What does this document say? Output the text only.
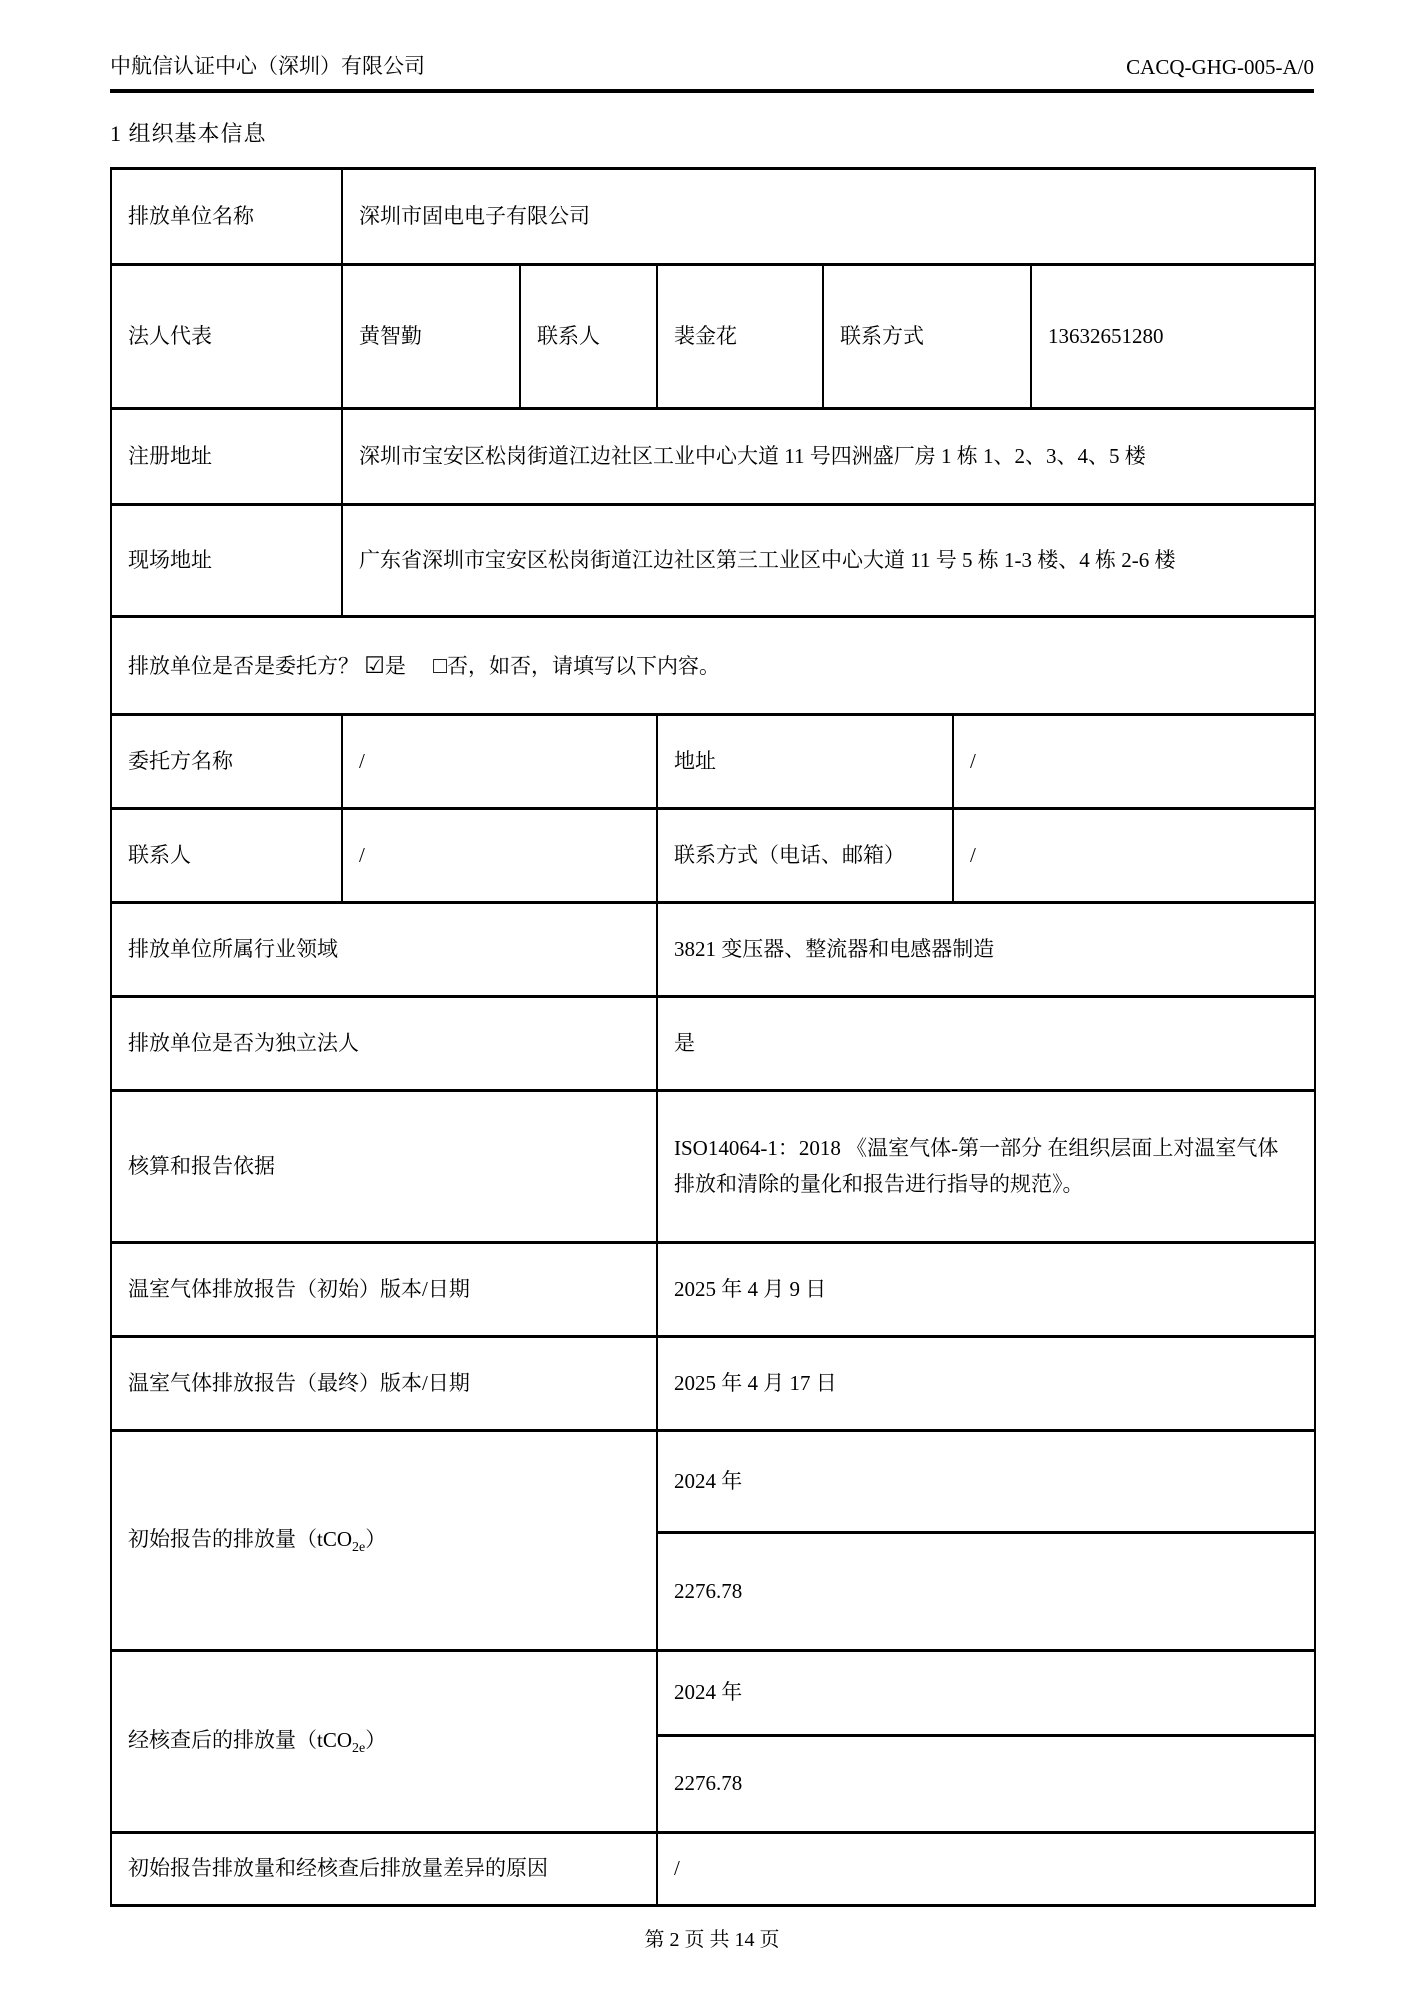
中航信认证中心（深圳）有限公司	CACQ-GHG-005-A/0
1 组织基本信息
排放单位名称	深圳市固电电子有限公司					
法人代表	黄智勤	联系人	裴金花	联系方式		13632651280
注册地址	深圳市宝安区松岗街道江边社区工业中心大道 11 号四洲盛厂房 1 栋 1、2、3、4、5 楼					
现场地址	广东省深圳市宝安区松岗街道江边社区第三工业区中心大道 11 号 5 栋 1-3 楼、4 栋 2-6 楼					
排放单位是否是委托方？ ☑是 □否，如否，请填写以下内容。						
委托方名称	/		地址		/	
联系人	/		联系方式（电话、邮箱）		/	
排放单位所属行业领域			3821 变压器、整流器和电感器制造			
排放单位是否为独立法人			是			
核算和报告依据			ISO14064-1：2018 《温室气体-第一部分 在组织层面上对温室气体排放和清除的量化和报告进行指导的规范》。			
温室气体排放报告（初始）版本/日期			2025 年 4 月 9 日			
温室气体排放报告（最终）版本/日期			2025 年 4 月 17 日			
初始报告的排放量（tCO$_{2e}$）			2024 年			
			2276.78			
经核查后的排放量（tCO$_{2e}$）			2024 年			
			2276.78			
初始报告排放量和经核查后排放量差异的原因			/			
第 2 页 共 14 页
